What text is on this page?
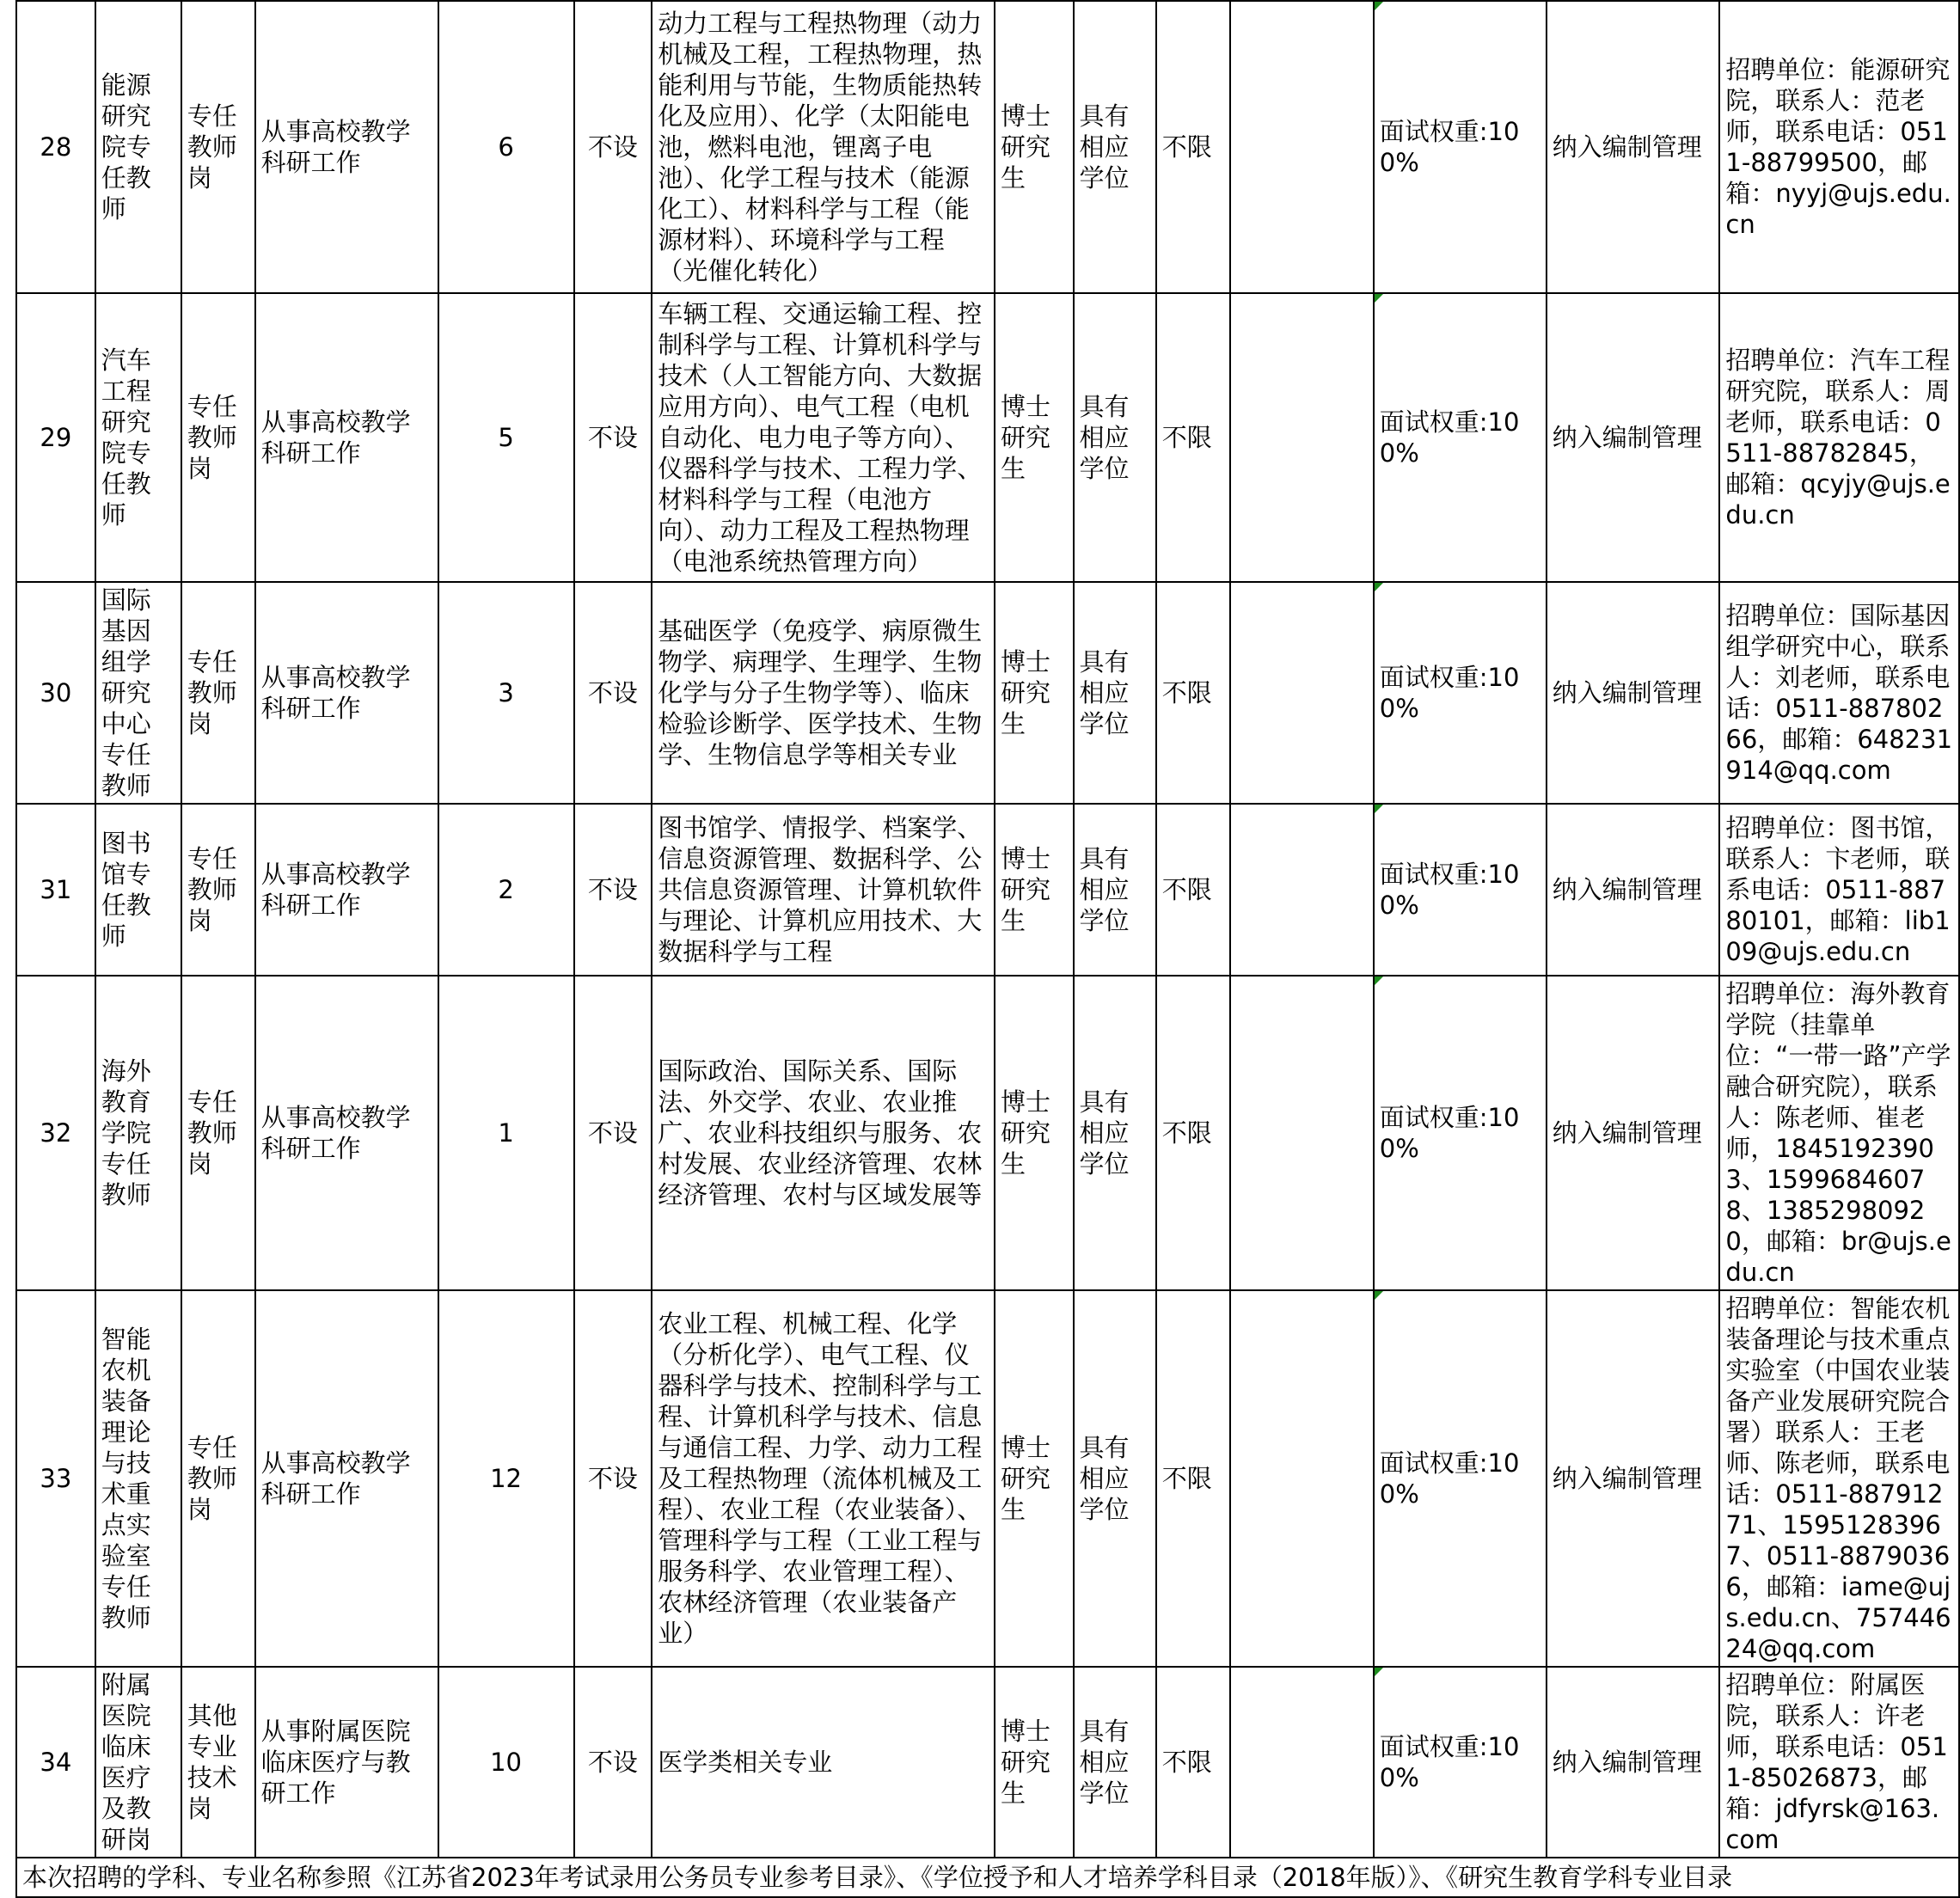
28	能源研究院专任教师	专任教师岗	从事高校教学科研工作	6	不设	动力工程与工程热物理（动力机械及工程，工程热物理，热能利用与节能，生物质能热转化及应用）、化学（太阳能电池，燃料电池，锂离子电池）、化学工程与技术（能源化工）、材料科学与工程（能源材料）、环境科学与工程（光催化转化）	博士研究生	具有相应学位	不限		面试权重:100%	纳入编制管理	招聘单位：能源研究院，联系人：范老师，联系电话：0511-88799500，邮箱：nyyj@ujs.edu.cn
29	汽车工程研究院专任教师	专任教师岗	从事高校教学科研工作	5	不设	车辆工程、交通运输工程、控制科学与工程、计算机科学与技术（人工智能方向、大数据应用方向）、电气工程（电机自动化、电力电子等方向）、仪器科学与技术、工程力学、材料科学与工程（电池方向）、动力工程及工程热物理（电池系统热管理方向）	博士研究生	具有相应学位	不限		面试权重:100%	纳入编制管理	招聘单位：汽车工程研究院，联系人：周老师，联系电话：0511-88782845，邮箱：qcyjy@ujs.edu.cn
30	国际基因组学研究中心专任教师	专任教师岗	从事高校教学科研工作	3	不设	基础医学（免疫学、病原微生物学、病理学、生理学、生物化学与分子生物学等）、临床检验诊断学、医学技术、生物学、生物信息学等相关专业	博士研究生	具有相应学位	不限		面试权重:100%	纳入编制管理	招聘单位：国际基因组学研究中心，联系人：刘老师，联系电话：0511-88780266，邮箱：648231914@qq.com
31	图书馆专任教师	专任教师岗	从事高校教学科研工作	2	不设	图书馆学、情报学、档案学、信息资源管理、数据科学、公共信息资源管理、计算机软件与理论、计算机应用技术、大数据科学与工程	博士研究生	具有相应学位	不限		面试权重:100%	纳入编制管理	招聘单位：图书馆，联系人：卞老师，联系电话：0511-88780101，邮箱：lib109@ujs.edu.cn
32	海外教育学院专任教师	专任教师岗	从事高校教学科研工作	1	不设	国际政治、国际关系、国际法、外交学、农业、农业推广、农业科技组织与服务、农村发展、农业经济管理、农林经济管理、农村与区域发展等	博士研究生	具有相应学位	不限		面试权重:100%	纳入编制管理	招聘单位：海外教育学院（挂靠单位：“一带一路”产学融合研究院），联系人：陈老师、崔老师，18451923903、15996846078、13852980920，邮箱：br@ujs.edu.cn
33	智能农机装备理论与技术重点实验室专任教师	专任教师岗	从事高校教学科研工作	12	不设	农业工程、机械工程、化学（分析化学）、电气工程、仪器科学与技术、控制科学与工程、计算机科学与技术、信息与通信工程、力学、动力工程及工程热物理（流体机械及工程）、农业工程（农业装备）、管理科学与工程（工业工程与服务科学、农业管理工程）、农林经济管理（农业装备产业）	博士研究生	具有相应学位	不限		面试权重:100%	纳入编制管理	招聘单位：智能农机装备理论与技术重点实验室（中国农业装备产业发展研究院合署）联系人：王老师、陈老师，联系电话：0511-88791271、15951283967、0511-88790366，邮箱：iame@ujs.edu.cn、75744624@qq.com
34	附属医院临床医疗及教研岗	其他专业技术岗	从事附属医院临床医疗与教研工作	10	不设	医学类相关专业	博士研究生	具有相应学位	不限		面试权重:100%	纳入编制管理	招聘单位：附属医院，联系人：许老师，联系电话：0511-85026873，邮箱：jdfyrsk@163.com
本次招聘的学科、专业名称参照《江苏省2023年考试录用公务员专业参考目录》、《学位授予和人才培养学科目录（2018年版）》、《研究生教育学科专业目录													
